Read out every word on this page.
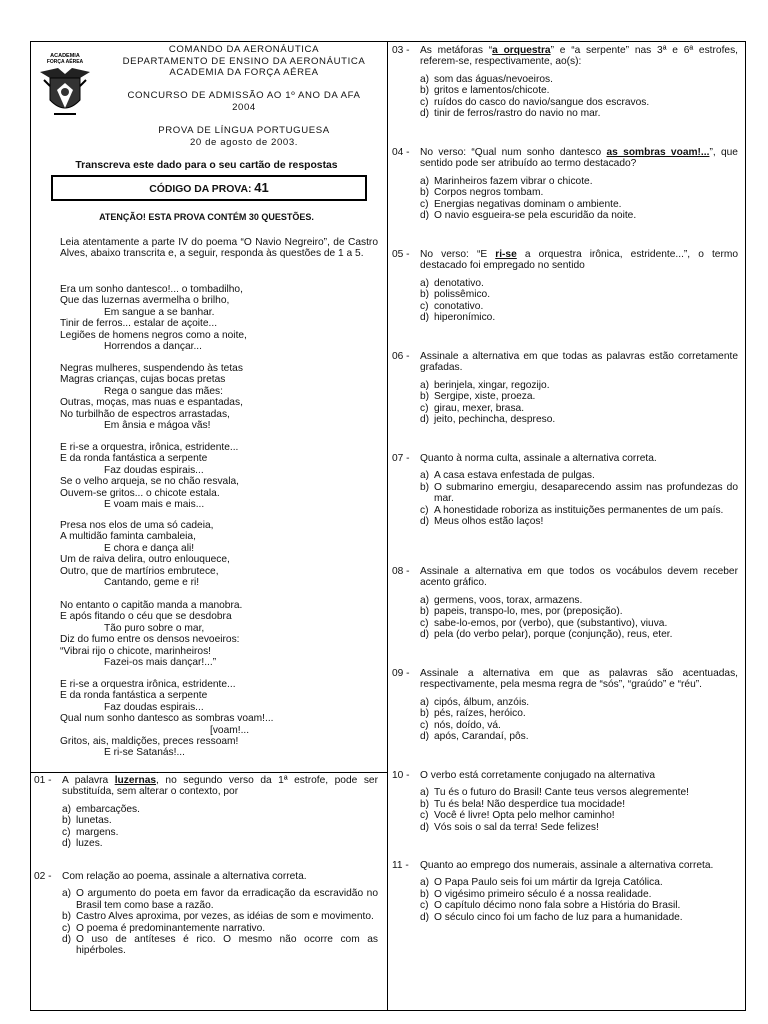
ACADEMIA
FORÇA AÉREA
COMANDO DA AERONÁUTICA
DEPARTAMENTO DE ENSINO DA AERONÁUTICA
ACADEMIA DA FORÇA AÉREA

CONCURSO DE ADMISSÃO AO 1º ANO DA AFA
2004

PROVA DE LÍNGUA PORTUGUESA
20 de agosto de 2003.
Transcreva este dado para o seu cartão de respostas
CÓDIGO DA PROVA: 41
ATENÇÃO! ESTA PROVA CONTÉM 30 QUESTÕES.
Leia atentamente a parte IV do poema “O Navio Negreiro”, de Castro Alves, abaixo transcrita e, a seguir, responda às questões de 1 a 5.
Era um sonho dantesco!... o tombadilho,
Que das luzernas avermelha o brilho,
Em sangue a se banhar.
Tinir de ferros... estalar de açoite...
Legiões de homens negros como a noite,
Horrendos a dançar...
Negras mulheres, suspendendo às tetas
Magras crianças, cujas bocas pretas
Rega o sangue das mães:
Outras, moças, mas nuas e espantadas,
No turbilhão de espectros arrastadas,
Em ânsia e mágoa vãs!
E ri-se a orquestra, irônica, estridente...
E da ronda fantástica a serpente
Faz doudas espirais...
Se o velho arqueja, se no chão resvala,
Ouvem-se gritos... o chicote estala.
E voam mais e mais...
Presa nos elos de uma só cadeia,
A multidão faminta cambaleia,
E chora e dança ali!
Um de raiva delira, outro enlouquece,
Outro, que de martírios embrutece,
Cantando, geme e ri!
No entanto o capitão manda a manobra.
E após fitando o céu que se desdobra
Tão puro sobre o mar,
Diz do fumo entre os densos nevoeiros:
“Vibrai rijo o chicote, marinheiros!
Fazei-os mais dançar!...”
E ri-se a orquestra irônica, estridente...
E da ronda fantástica a serpente
Faz doudas espirais...
Qual num sonho dantesco as sombras voam!...
[voam!...
Gritos, ais, maldições, preces ressoam!
E ri-se Satanás!...
01 -	A palavra luzernas, no segundo verso da 1ª estrofe, pode ser substituída, sem alterar o contexto, por
a) embarcações.
b) lunetas.
c) margens.
d) luzes.
02 -	Com relação ao poema, assinale a alternativa correta.
a) O argumento do poeta em favor da erradicação da escravidão no Brasil tem como base a razão.
b) Castro Alves aproxima, por vezes, as idéias de som e movimento.
c) O poema é predominantemente narrativo.
d) O uso de antíteses é rico. O mesmo não ocorre com as hipérboles.
03 -	As metáforas “a orquestra” e “a serpente” nas 3ª e 6ª estrofes, referem-se, respectivamente, ao(s):
a) som das águas/nevoeiros.
b) gritos e lamentos/chicote.
c) ruídos do casco do navio/sangue dos escravos.
d) tinir de ferros/rastro do navio no mar.
04 -	No verso: “Qual num sonho dantesco as sombras voam!...”, que sentido pode ser atribuído ao termo destacado?
a) Marinheiros fazem vibrar o chicote.
b) Corpos negros tombam.
c) Energias negativas dominam o ambiente.
d) O navio esgueira-se pela escuridão da noite.
05 -	No verso: “E ri-se a orquestra irônica, estridente...”, o termo destacado foi empregado no sentido
a) denotativo.
b) polissêmico.
c) conotativo.
d) hiperonímico.
06 -	Assinale a alternativa em que todas as palavras estão corretamente grafadas.
a) berinjela, xingar, regozijo.
b) Sergipe, xiste, proeza.
c) girau, mexer, brasa.
d) jeito, pechincha, despreso.
07 -	Quanto à norma culta, assinale a alternativa correta.
a) A casa estava enfestada de pulgas.
b) O submarino emergiu, desaparecendo assim nas profundezas do mar.
c) A honestidade roboriza as instituições permanentes de um país.
d) Meus olhos estão laços!
08 -	Assinale a alternativa em que todos os vocábulos devem receber acento gráfico.
a) germens, voos, torax, armazens.
b) papeis, transpo-lo, mes, por (preposição).
c) sabe-lo-emos, por (verbo), que (substantivo), viuva.
d) pela (do verbo pelar), porque (conjunção), reus, eter.
09 -	Assinale a alternativa em que as palavras são acentuadas, respectivamente, pela mesma regra de “sós”, “graúdo” e “réu”.
a) cipós, álbum, anzóis.
b) pés, raízes, heróico.
c) nós, doído, vá.
d) após, Carandaí, pôs.
10 -	O verbo está corretamente conjugado na alternativa
a) Tu és o futuro do Brasil! Cante teus versos alegremente!
b) Tu és bela! Não desperdice tua mocidade!
c) Você é livre! Opta pelo melhor caminho!
d) Vós sois o sal da terra! Sede felizes!
11 -	Quanto ao emprego dos numerais, assinale a alternativa correta.
a) O Papa Paulo seis foi um mártir da Igreja Católica.
b) O vigésimo primeiro século é a nossa realidade.
c) O capítulo décimo nono fala sobre a História do Brasil.
d) O século cinco foi um facho de luz para a humanidade.
